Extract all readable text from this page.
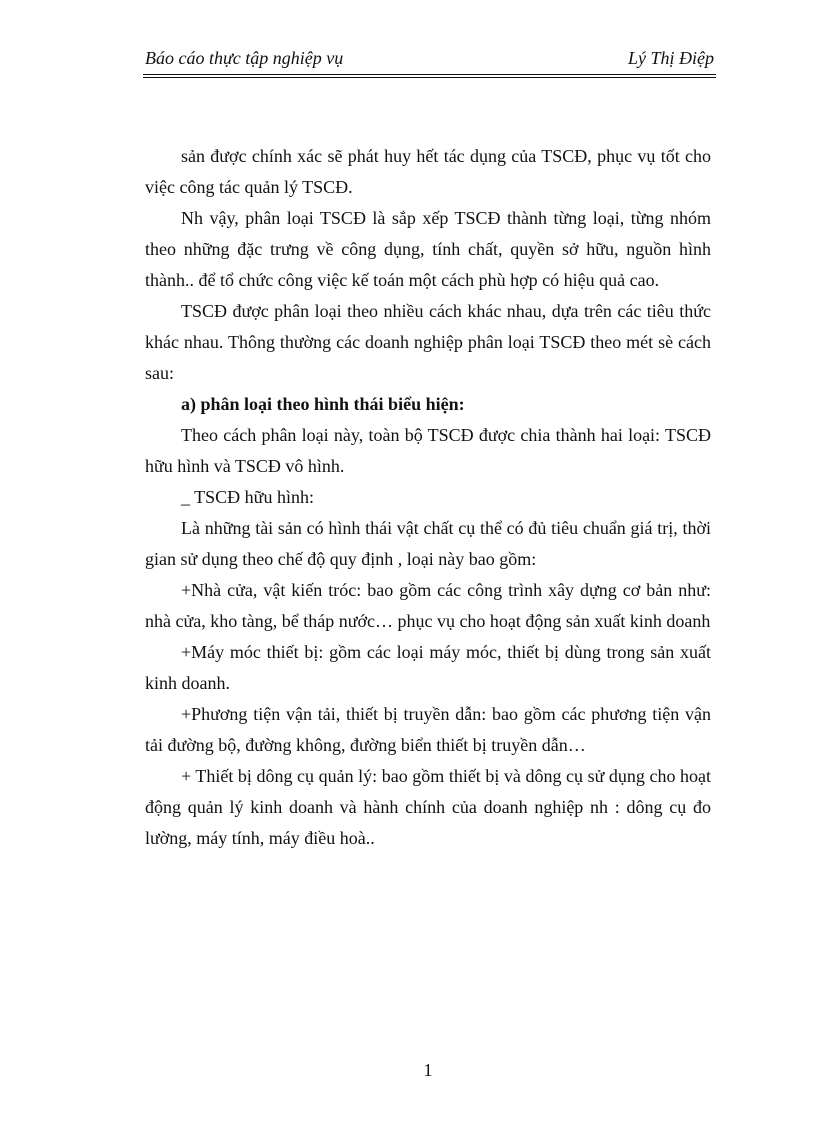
Báo cáo thực tập nghiệp vụ	Lý Thị Điệp

sản được chính xác sẽ phát huy hết tác dụng của TSCĐ, phục vụ tốt cho việc công tác quản lý TSCĐ.

Nh vậy, phân loại TSCĐ là sắp xếp TSCĐ thành từng loại, từng nhóm theo những đặc trưng về công dụng, tính chất, quyền sở hữu, nguồn hình thành.. để tổ chức công việc kế toán một cách phù hợp có hiệu quả cao.

TSCĐ được phân loại theo nhiều cách khác nhau, dựa trên các tiêu thức khác nhau. Thông thường các doanh nghiệp phân loại TSCĐ theo mét sè cách sau:

a) phân loại theo hình thái biểu hiện:

Theo cách phân loại này, toàn bộ TSCĐ được chia thành hai loại: TSCĐ hữu hình và TSCĐ vô hình.

_ TSCĐ hữu hình:

Là những tài sản có hình thái vật chất cụ thể có đủ tiêu chuẩn giá trị, thời gian sử dụng theo chế độ quy định , loại này bao gồm:

+Nhà cửa, vật kiến tróc: bao gồm các công trình xây dựng cơ bản như: nhà cửa, kho tàng, bể tháp nước… phục vụ cho hoạt động sản xuất kinh doanh

+Máy móc thiết bị: gồm các loại máy móc, thiết bị dùng trong sản xuất kinh doanh.

+Phương tiện vận tải, thiết bị truyền dẫn: bao gồm các phương tiện vận tải đường bộ, đường không, đường biển thiết bị truyền dẫn…

+ Thiết bị dông cụ quản lý: bao gồm thiết bị và dông cụ sử dụng cho hoạt động quản lý kinh doanh và hành chính của doanh nghiệp nh : dông cụ đo lường, máy tính, máy điều hoà..

1
